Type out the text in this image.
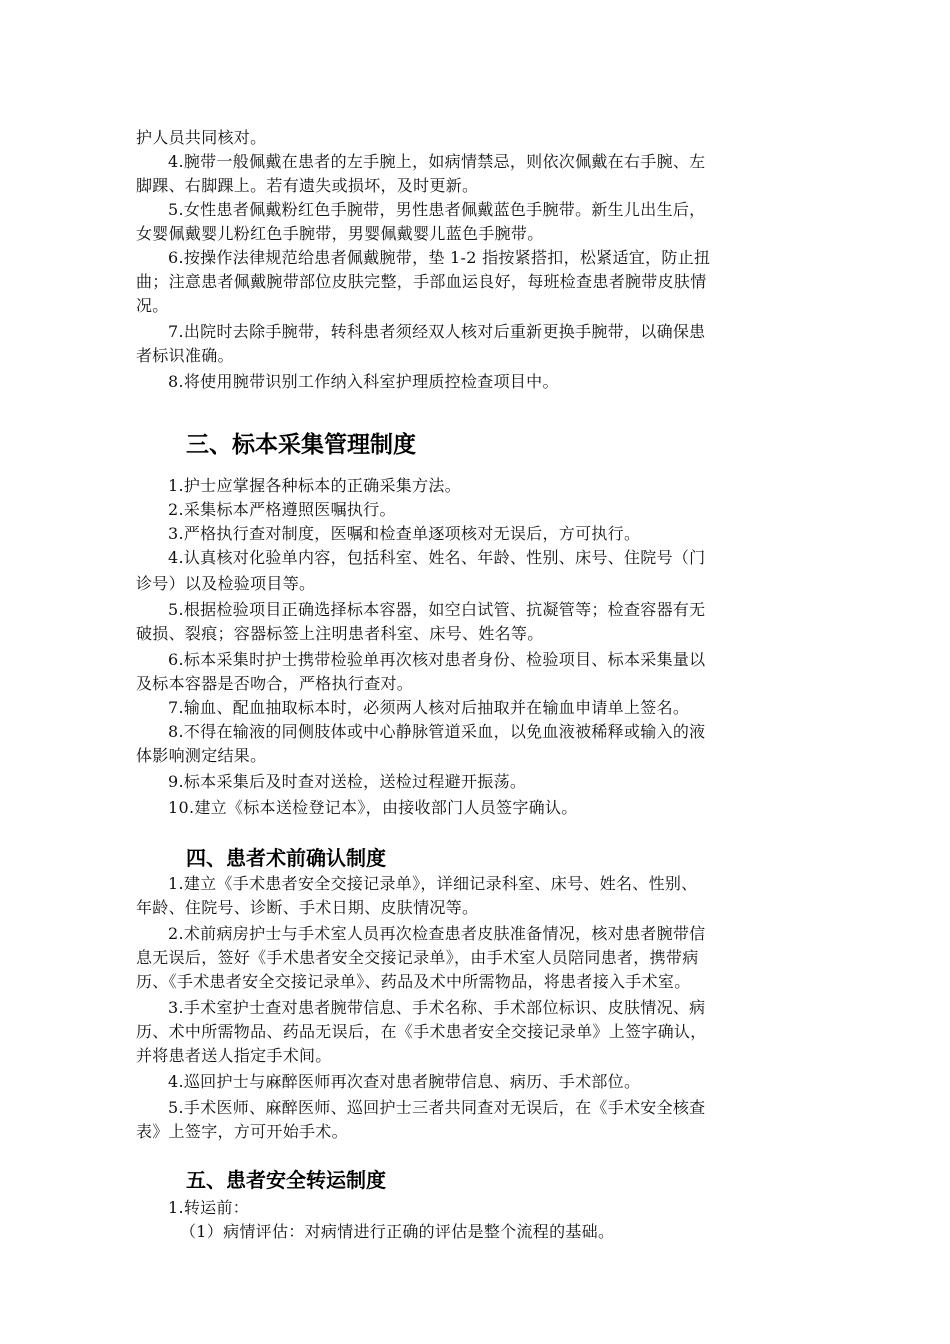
护人员共同核对。
4.腕带一般佩戴在患者的左手腕上，如病情禁忌，则依次佩戴在右手腕、左
脚踝、右脚踝上。若有遗失或损坏，及时更新。
5.女性患者佩戴粉红色手腕带，男性患者佩戴蓝色手腕带。新生儿出生后，
女婴佩戴婴儿粉红色手腕带，男婴佩戴婴儿蓝色手腕带。
6.按操作法律规范给患者佩戴腕带，垫 1-2 指按紧搭扣，松紧适宜，防止扭
曲；注意患者佩戴腕带部位皮肤完整，手部血运良好，每班检查患者腕带皮肤情
况。
7.出院时去除手腕带，转科患者须经双人核对后重新更换手腕带，以确保患
者标识准确。
8.将使用腕带识别工作纳入科室护理质控检查项目中。
三、标本采集管理制度
1.护士应掌握各种标本的正确采集方法。
2.采集标本严格遵照医嘱执行。
3.严格执行查对制度，医嘱和检查单逐项核对无误后，方可执行。
4.认真核对化验单内容，包括科室、姓名、年龄、性别、床号、住院号（门
诊号）以及检验项目等。
5.根据检验项目正确选择标本容器，如空白试管、抗凝管等；检查容器有无
破损、裂痕；容器标签上注明患者科室、床号、姓名等。
6.标本采集时护士携带检验单再次核对患者身份、检验项目、标本采集量以
及标本容器是否吻合，严格执行查对。
7.输血、配血抽取标本时，必须两人核对后抽取并在输血申请单上签名。
8.不得在输液的同侧肢体或中心静脉管道采血，以免血液被稀释或输入的液
体影响测定结果。
9.标本采集后及时查对送检，送检过程避开振荡。
10.建立《标本送检登记本》，由接收部门人员签字确认。
四、患者术前确认制度
1.建立《手术患者安全交接记录单》，详细记录科室、床号、姓名、性别、
年龄、住院号、诊断、手术日期、皮肤情况等。
2.术前病房护士与手术室人员再次检查患者皮肤准备情况，核对患者腕带信
息无误后，签好《手术患者安全交接记录单》，由手术室人员陪同患者，携带病
历、《手术患者安全交接记录单》、药品及术中所需物品，将患者接入手术室。
3.手术室护士查对患者腕带信息、手术名称、手术部位标识、皮肤情况、病
历、术中所需物品、药品无误后，在《手术患者安全交接记录单》上签字确认，
并将患者送人指定手术间。
4.巡回护士与麻醉医师再次查对患者腕带信息、病历、手术部位。
5.手术医师、麻醉医师、巡回护士三者共同查对无误后，在《手术安全核查
表》上签字，方可开始手术。
五、患者安全转运制度
1.转运前：
（1）病情评估：对病情进行正确的评估是整个流程的基础。
